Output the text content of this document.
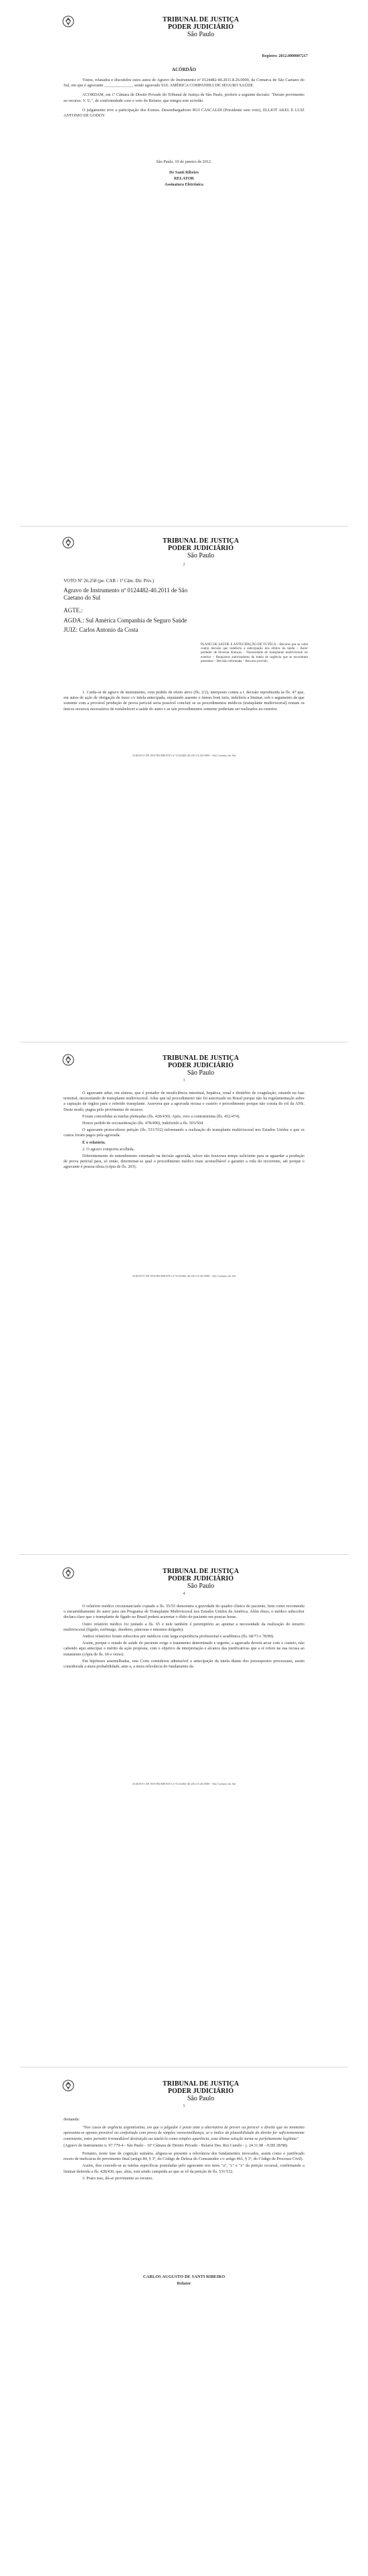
TRIBUNAL DE JUSTIÇA
PODER JUDICIÁRIO
São Paulo
Registro: 2012.0000007217
ACÓRDÃO

Vistos, relatados e discutidos estes autos de Agravo de Instrumento nº 0124482-40.2011.8.26.0000, da Comarca de São Caetano do Sul, em que é agravante ______________ sendo agravado SUL AMÉRICA COMPANHIA DE SEGURO SAÚDE.

ACORDAM, em 1ª Câmara de Direito Privado do Tribunal de Justiça de São Paulo, proferir a seguinte decisão: "Deram provimento ao recurso. V. U.", de conformidade com o voto do Relator, que integra este acórdão.

O julgamento teve a participação dos Exmos. Desembargadores RUI CASCALDI (Presidente sem voto), ELLIOT AKEL E LUIZ ANTONIO DE GODOY.

São Paulo, 10 de janeiro de 2012.
De Santi Ribeiro
RELATOR
Assinatura Eletrônica
TRIBUNAL DE JUSTIÇA
PODER JUDICIÁRIO
São Paulo
2
VOTO Nº 26.258 (pe. CAR / 1ª Câm. Dir. Priv.)
Agravo de Instrumento nº 0124482-40.2011 de São Caetano do Sul
AGTE.:
AGDA.: Sul América Companhia de Seguro Saúde
JUIZ: Carlos Antonio da Costa
PLANO DE SAÚDE E ANTECIPAÇÃO DE TUTELA – Recurso que se volta contra decisão que indeferiu a antecipação dos efeitos da tutela – Autor portador de diversas doenças – Necessidade de transplante multivisceral no exterior – Requisitos autorizadores da tutela de urgência que se encontram presentes – Decisão reformada – Recurso provido.

1. Cuida-se de agravo de instrumento, com pedido de efeito ativo (fls. 2/2), interposto contra a r. decisão reproduzida às fls. 47 que, em autos de ação de obrigação de fazer c/c tutela antecipada, reputando ausente o fumus boni iuris, indeferiu a liminar, sob o argumento de que somente com a provável produção de prova pericial seria possível concluir se os procedimentos médicos (transplante multivisceral) restam os únicos recursos necessários de restabelecer a saúde do autor e se tais procedimentos somente poderiam ser realizados no exterior.

AGRAVO DE INSTRUMENTO nº 0124482-40.2011.8.26.0000 - São Caetano do Sul
TRIBUNAL DE JUSTIÇA
PODER JUDICIÁRIO
São Paulo
3

O agravante aduz, em síntese, que é portador de insuficiência intestinal, hepática, renal e distúrbio de coagulação, estando na fase terminal, necessitando de transplante multivisceral. Aduz que tal procedimento não foi autorizado no Brasil porque não há regulamentação sobre a captação de órgãos para o referido transplante. Assevera que a agravada recusa o custeio o procedimento porque não consta do rol da ANS. Deste modo, pugna pelo provimento do recurso.

Foram concedidas as tutelas pleiteadas (fls. 428/430). Após, veio a contraminuta (fls. 452/474).

Houve pedido de reconsideração (fls. 478/490), indeferido a fls. 503/504.

O agravante protocolizou petição (fls. 531/532) informando a realização do transplante multivisceral nos Estados Unidos e que os custos foram pagos pela agravada.

É o relatório.

2. O agravo comporta acolhida.

Diferentemente do entendimento externado na decisão agravada, talvez não houvesse tempo suficiente para se aguardar a produção de prova pericial para, só então, determinar-se qual o procedimento médico mais aconselhável a garantir a vida do recorrente, até porque o agravante é pessoa idosa (cópia de fls. 203).

AGRAVO DE INSTRUMENTO nº 0124482-40.2011.8.26.0000 - São Caetano do Sul
TRIBUNAL DE JUSTIÇA
PODER JUDICIÁRIO
São Paulo
4

O relatório médico circunstanciado copiado a fls. 55/55 demonstra a gravidade do quadro clínico do paciente, bem como recomenda o encaminhamento do autor para um Programa de Transplante Multivisceral nos Estados Unidos da América. Além disso, o médico subscritor declara claro que o transplante de fígado no Brasil poderá acarretar o óbito do paciente em poucas horas.

Outro relatório médico foi juntado a fls. 65 e nele também é peremptório ao apontar a necessidade da realização do enxerto multivisceral (fígado, estômago, duodeno, pâncreas e intestino delgado).

Ambos relatórios foram subscritos por médicos com larga experiência profissional e acadêmica (fls. 68/73 e 78/89).

Assim, porque o estado de saúde do paciente exige o tratamento determinado e urgente, a agravada deverá arcar com o custeio, não cabendo aqui antecipar o mérito da ação proposta, com o objetivo da interpretação e alcance das justificativas que a ré refere na sua recusa ao tratamento (cópia de fls. 60 e verso).

Em hipóteses assemelhadas, esta Corte considerou admissível a antecipação da tutela diante dos pressupostos processuais, assim considerada a mera probabilidade, ante a, a mera relevância do fundamento da

AGRAVO DE INSTRUMENTO nº 0124482-40.2011.8.26.0000 - São Caetano do Sul
TRIBUNAL DE JUSTIÇA
PODER JUDICIÁRIO
São Paulo
5

demanda:

"Nos casos de urgência urgentíssima, em que o julgador é posto ante a alternativa de prover ou perecer o direito que no momento apresenta-se apenas provável ou confortado com prova de simples verossimilhança, se o índice de plausibilidade do direito for suficientemente consistente, entre permitir irremediável destruição ou tutelá-lo como simples aparência, esta última solução torna-se perfeitamente legítima"

(Agravo de Instrumento n. 97.779-4 - São Paulo - 10ª Câmara de Direito Privado - Relator Des. Rui Camilo - j. 24.11.98 - JUBI 28/98).

Portanto, neste fase de cognição sumária, afigura-se presente a relevância dos fundamentos invocados, assim como o justificado receio de ineficácia do provimento final (artigo 84, § 3º, do Código de Defesa do Consumidor c/c artigo 461, § 3º, do Código de Processo Civil).

Assim, dou concede-se as tutelas específicas postuladas pelo agravante nos itens "a", "c" e "e" da petição recursal, confirmando a liminar deferida a fls. 428/430, que, aliás, está sendo cumprida ao que se vê da petição de fls. 531/532.

3. Posto isso, dá-se provimento ao recurso.

CARLOS AUGUSTO DE SANTI RIBEIRO
Relator
